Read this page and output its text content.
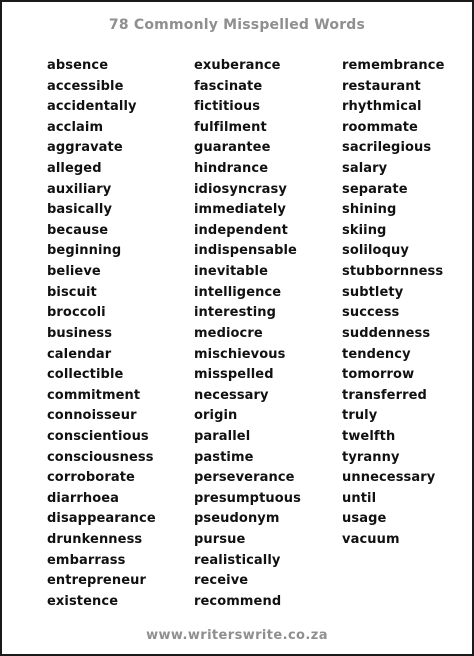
78 Commonly Misspelled Words
absence
accessible
accidentally
acclaim
aggravate
alleged
auxiliary
basically
because
beginning
believe
biscuit
broccoli
business
calendar
collectible
commitment
connoisseur
conscientious
consciousness
corroborate
diarrhoea
disappearance
drunkenness
embarrass
entrepreneur
existence
exuberance
fascinate
fictitious
fulfilment
guarantee
hindrance
idiosyncrasy
immediately
independent
indispensable
inevitable
intelligence
interesting
mediocre
mischievous
misspelled
necessary
origin
parallel
pastime
perseverance
presumptuous
pseudonym
pursue
realistically
receive
recommend
remembrance
restaurant
rhythmical
roommate
sacrilegious
salary
separate
shining
skiing
soliloquy
stubbornness
subtlety
success
suddenness
tendency
tomorrow
transferred
truly
twelfth
tyranny
unnecessary
until
usage
vacuum
www.writerswrite.co.za
